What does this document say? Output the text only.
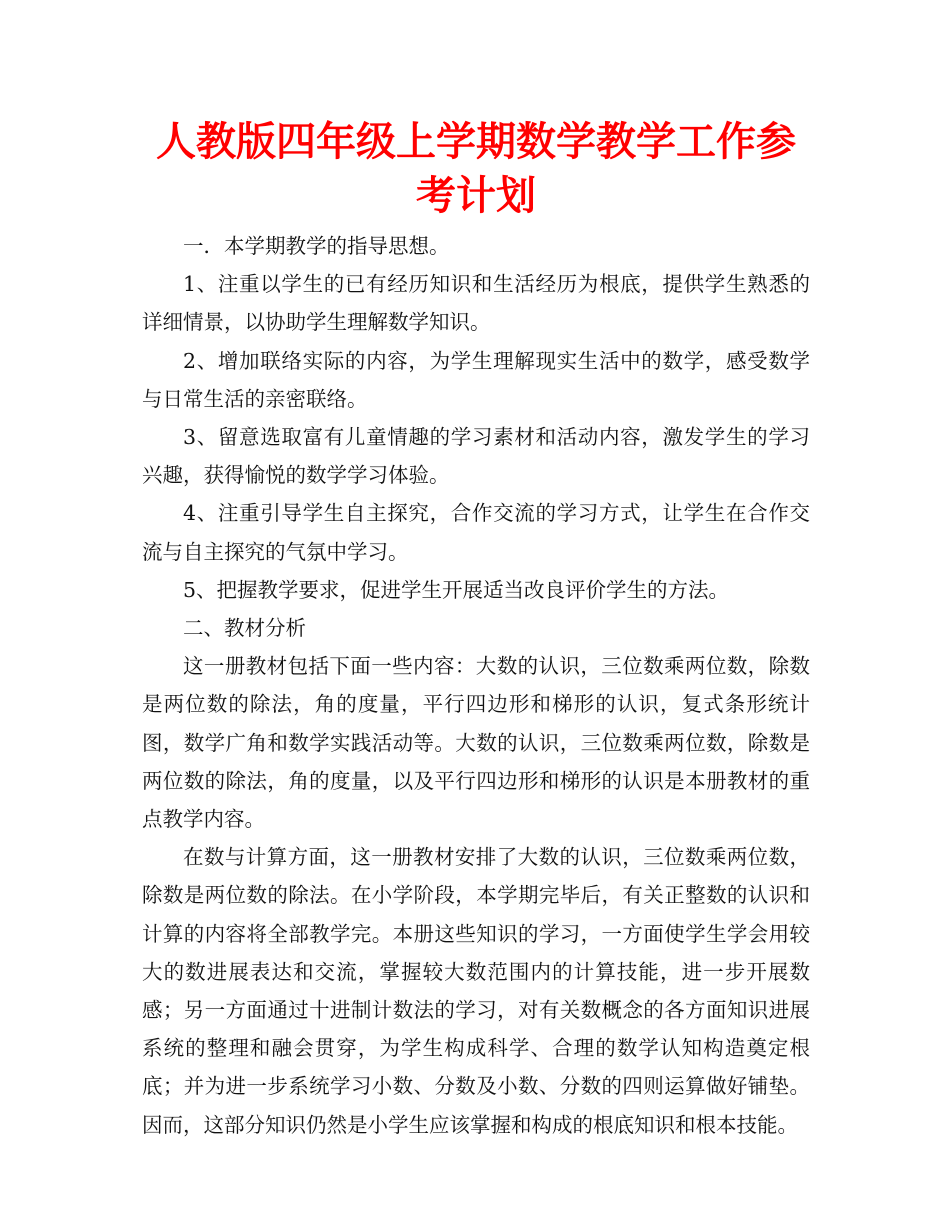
人教版四年级上学期数学教学工作参考计划

一．本学期教学的指导思想。

1、注重以学生的已有经历知识和生活经历为根底，提供学生熟悉的详细情景，以协助学生理解数学知识。

2、增加联络实际的内容，为学生理解现实生活中的数学，感受数学与日常生活的亲密联络。

3、留意选取富有儿童情趣的学习素材和活动内容，激发学生的学习兴趣，获得愉悦的数学学习体验。

4、注重引导学生自主探究，合作交流的学习方式，让学生在合作交流与自主探究的气氛中学习。

5、把握教学要求，促进学生开展适当改良评价学生的方法。

二、教材分析

这一册教材包括下面一些内容：大数的认识，三位数乘两位数，除数是两位数的除法，角的度量，平行四边形和梯形的认识，复式条形统计图，数学广角和数学实践活动等。大数的认识，三位数乘两位数，除数是两位数的除法，角的度量，以及平行四边形和梯形的认识是本册教材的重点教学内容。

在数与计算方面，这一册教材安排了大数的认识，三位数乘两位数，除数是两位数的除法。在小学阶段，本学期完毕后，有关正整数的认识和计算的内容将全部教学完。本册这些知识的学习，一方面使学生学会用较大的数进展表达和交流，掌握较大数范围内的计算技能，进一步开展数感；另一方面通过十进制计数法的学习，对有关数概念的各方面知识进展系统的整理和融会贯穿，为学生构成科学、合理的数学认知构造奠定根底；并为进一步系统学习小数、分数及小数、分数的四则运算做好铺垫。因而，这部分知识仍然是小学生应该掌握和构成的根底知识和根本技能。
